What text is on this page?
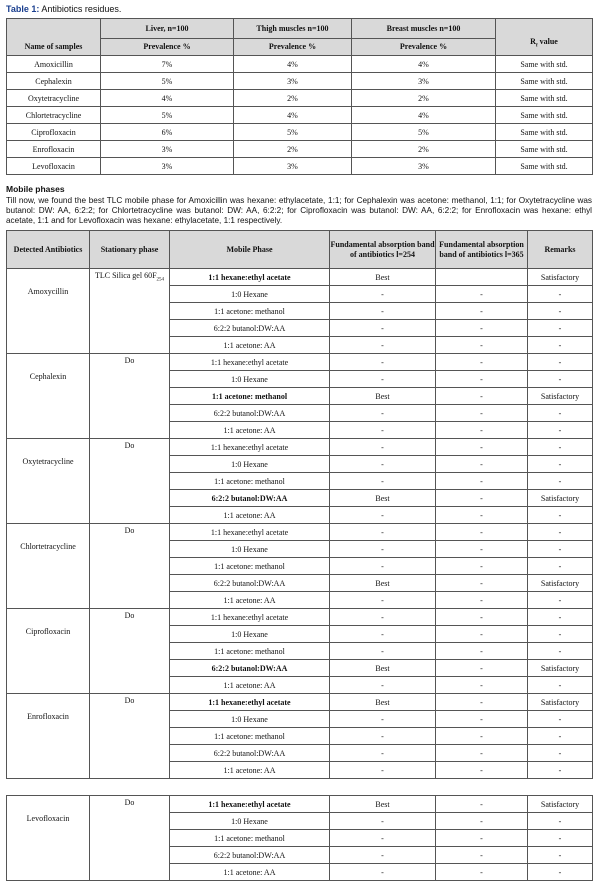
Table 1: Antibiotics residues.
Name of samples	Liver, n=100	Thigh muscles n=100	Breast muscles n=100	$R_f$ value
	Prevalence %	Prevalence %	Prevalence %	
Amoxicillin	7%	4%	4%	Same with std.
Cephalexin	5%	3%	3%	Same with std.
Oxytetracycline	4%	2%	2%	Same with std.
Chlortetracycline	5%	4%	4%	Same with std.
Ciprofloxacin	6%	5%	5%	Same with std.
Enrofloxacin	3%	2%	2%	Same with std.
Levofloxacin	3%	3%	3%	Same with std.
Mobile phases
Till now, we found the best TLC mobile phase for Amoxicillin was hexane: ethylacetate, 1:1; for Cephalexin was acetone: methanol, 1:1; for Oxytetracycline was butanol: DW: AA, 6:2:2; for Chlortetracycline was butanol: DW: AA, 6:2:2; for Ciprofloxacin was butanol: DW: AA, 6:2:2; for Enrofloxacin was hexane: ethyl acetate, 1:1 and for Levofloxacin was hexane: ethylacetate, 1:1 respectively.
Detected Antibiotics	Stationary phase	Mobile Phase	Fundamental absorption band of antibiotics l=254	Fundamental absorption band of antibiotics l=365	Remarks
Amoxycillin	TLC Silica gel $60F_{254}$	1:1 hexane:ethyl acetate	Best		Satisfactory
		1:0 Hexane	-	-	-
		1:1 acetone: methanol	-	-	-
		6:2:2 butanol:DW:AA	-	-	-
		1:1 acetone: AA	-	-	-
Cephalexin	Do	1:1 hexane:ethyl acetate	-	-	-
		1:0 Hexane	-	-	-
		1:1 acetone: methanol	Best	-	Satisfactory
		6:2:2 butanol:DW:AA	-	-	-
		1:1 acetone: AA	-	-	-
Oxytetracycline	Do	1:1 hexane:ethyl acetate	-	-	-
		1:0 Hexane	-	-	-
		1:1 acetone: methanol	-	-	-
		6:2:2 butanol:DW:AA	Best	-	Satisfactory
		1:1 acetone: AA	-	-	-
Chlortetracycline	Do	1:1 hexane:ethyl acetate	-	-	-
		1:0 Hexane	-	-	-
		1:1 acetone: methanol	-	-	-
		6:2:2 butanol:DW:AA	Best	-	Satisfactory
		1:1 acetone: AA	-	-	-
Ciprofloxacin	Do	1:1 hexane:ethyl acetate	-	-	-
		1:0 Hexane	-	-	-
		1:1 acetone: methanol	-	-	-
		6:2:2 butanol:DW:AA	Best	-	Satisfactory
		1:1 acetone: AA	-	-	-
Enrofloxacin	Do	1:1 hexane:ethyl acetate	Best	-	Satisfactory
		1:0 Hexane	-	-	-
		1:1 acetone: methanol	-	-	-
		6:2:2 butanol:DW:AA	-	-	-
		1:1 acetone: AA	-	-	-

Levofloxacin	Do	1:1 hexane:ethyl acetate	Best	-	Satisfactory
		1:0 Hexane	-	-	-
		1:1 acetone: methanol	-	-	-
		6:2:2 butanol:DW:AA	-	-	-
		1:1 acetone: AA	-	-	-
